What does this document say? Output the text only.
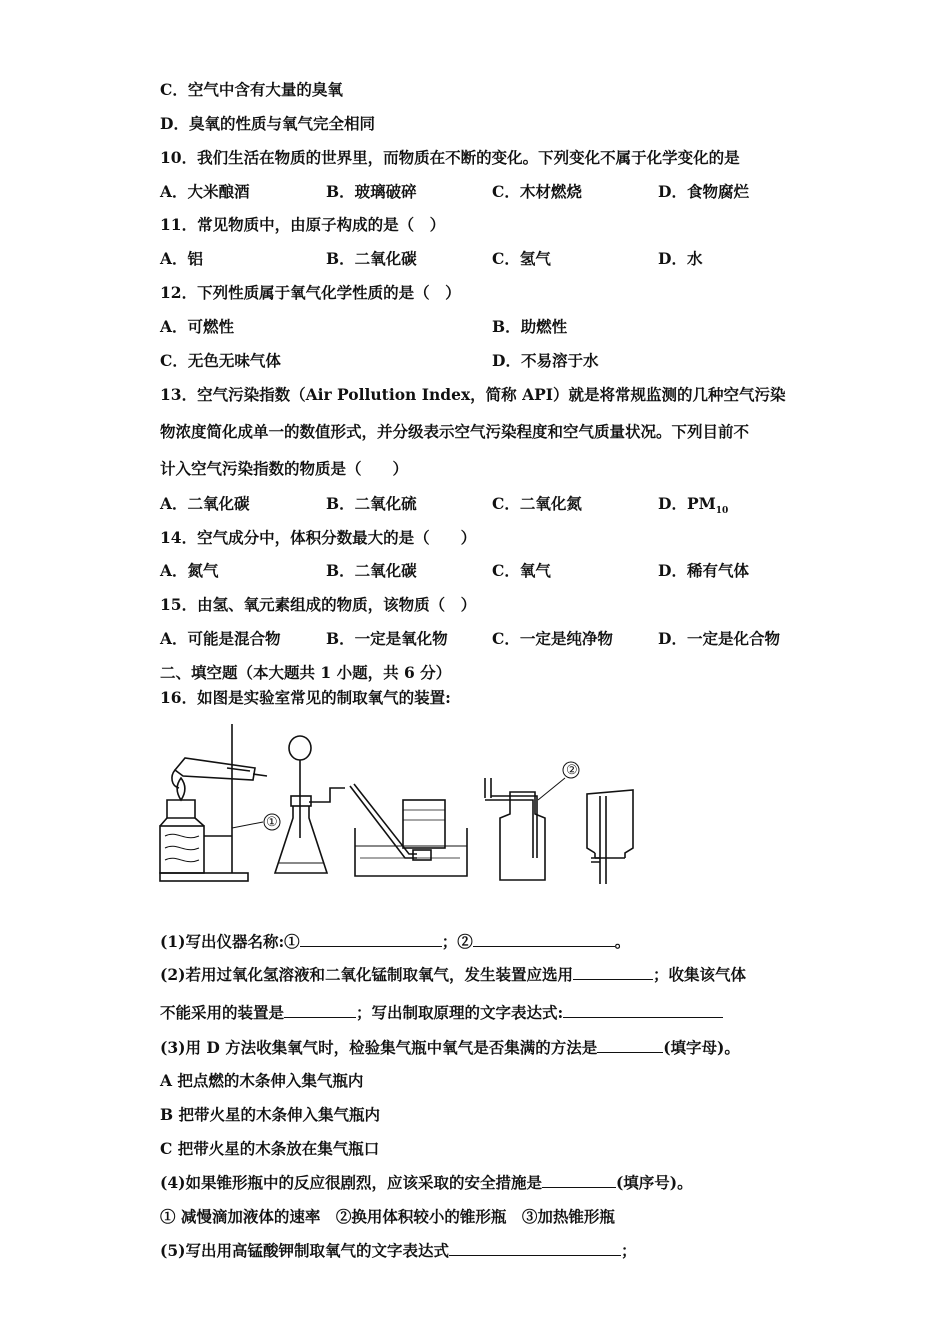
C．空气中含有大量的臭氧
D．臭氧的性质与氧气完全相同
10．我们生活在物质的世界里，而物质在不断的变化。下列变化不属于化学变化的是
A．大米酿酒	B．玻璃破碎	C．木材燃烧	D．食物腐烂
11．常见物质中，由原子构成的是（　）
A．铝	B．二氧化碳	C．氢气	D．水
12．下列性质属于氧气化学性质的是（　）
A．可燃性	B．助燃性
C．无色无味气体	D．不易溶于水
13．空气污染指数（Air Pollution Index，简称 API）就是将常规监测的几种空气污染
物浓度简化成单一的数值形式，并分级表示空气污染程度和空气质量状况。下列目前不
计入空气污染指数的物质是（　　）
A．二氧化碳	B．二氧化硫	C．二氧化氮	D．$PM_{10}$
14．空气成分中，体积分数最大的是（　　）
A．氮气	B．二氧化碳	C．氧气	D．稀有气体
15．由氢、氧元素组成的物质，该物质（　）
A．可能是混合物	B．一定是氧化物	C．一定是纯净物	D．一定是化合物
二、填空题（本大题共 1 小题，共 6 分）
16．如图是实验室常见的制取氧气的装置:
①
②
(1)写出仪器名称:①	；②	。
(2)若用过氧化氢溶液和二氧化锰制取氧气，发生装置应选用	；收集该气体
不能采用的装置是	；写出制取原理的文字表达式:
(3)用 D 方法收集氧气时，检验集气瓶中氧气是否集满的方法是	(填字母)。
A 把点燃的木条伸入集气瓶内
B 把带火星的木条伸入集气瓶内
C 把带火星的木条放在集气瓶口
(4)如果锥形瓶中的反应很剧烈，应该采取的安全措施是	(填序号)。
① 减慢滴加液体的速率　②换用体积较小的锥形瓶　③加热锥形瓶
(5)写出用高锰酸钾制取氧气的文字表达式	；
